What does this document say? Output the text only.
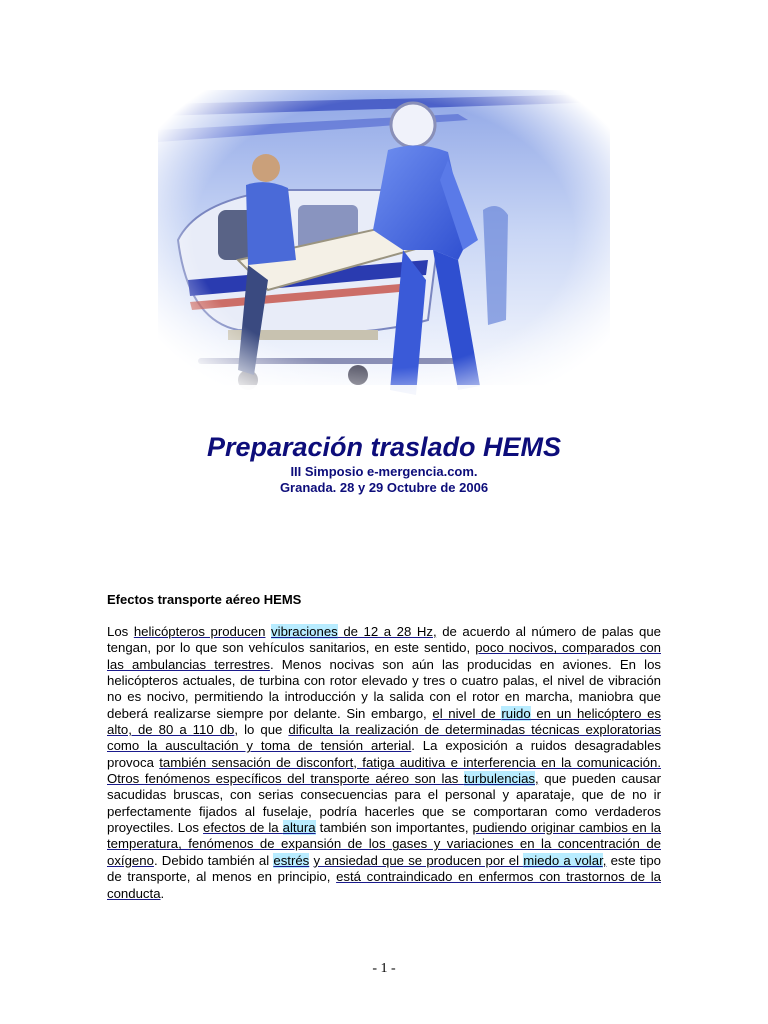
Preparación traslado HEMS

III Simposio e-mergencia.com.

Granada. 28 y 29 Octubre de 2006

Efectos transporte aéreo HEMS

Los helicópteros producen vibraciones de 12 a 28 Hz, de acuerdo al número de palas que tengan, por lo que son vehículos sanitarios, en este sentido, poco nocivos, comparados con las ambulancias terrestres. Menos nocivas son aún las producidas en aviones. En los helicópteros actuales, de turbina con rotor elevado y tres o cuatro palas, el nivel de vibración no es nocivo, permitiendo la introducción y la salida con el rotor en marcha, maniobra que deberá realizarse siempre por delante. Sin embargo, el nivel de ruido en un helicóptero es alto, de 80 a 110 db, lo que dificulta la realización de determinadas técnicas exploratorias como la auscultación y toma de tensión arterial. La exposición a ruidos desagradables provoca también sensación de disconfort, fatiga auditiva e interferencia en la comunicación. Otros fenómenos específicos del transporte aéreo son las turbulencias, que pueden causar sacudidas bruscas, con serias consecuencias para el personal y aparataje, que de no ir perfectamente fijados al fuselaje, podría hacerles que se comportaran como verdaderos proyectiles. Los efectos de la altura también son importantes, pudiendo originar cambios en la temperatura, fenómenos de expansión de los gases y variaciones en la concentración de oxígeno. Debido también al estrés y ansiedad que se producen por el miedo a volar, este tipo de transporte, al menos en principio, está contraindicado en enfermos con trastornos de la conducta.

- 1 -
